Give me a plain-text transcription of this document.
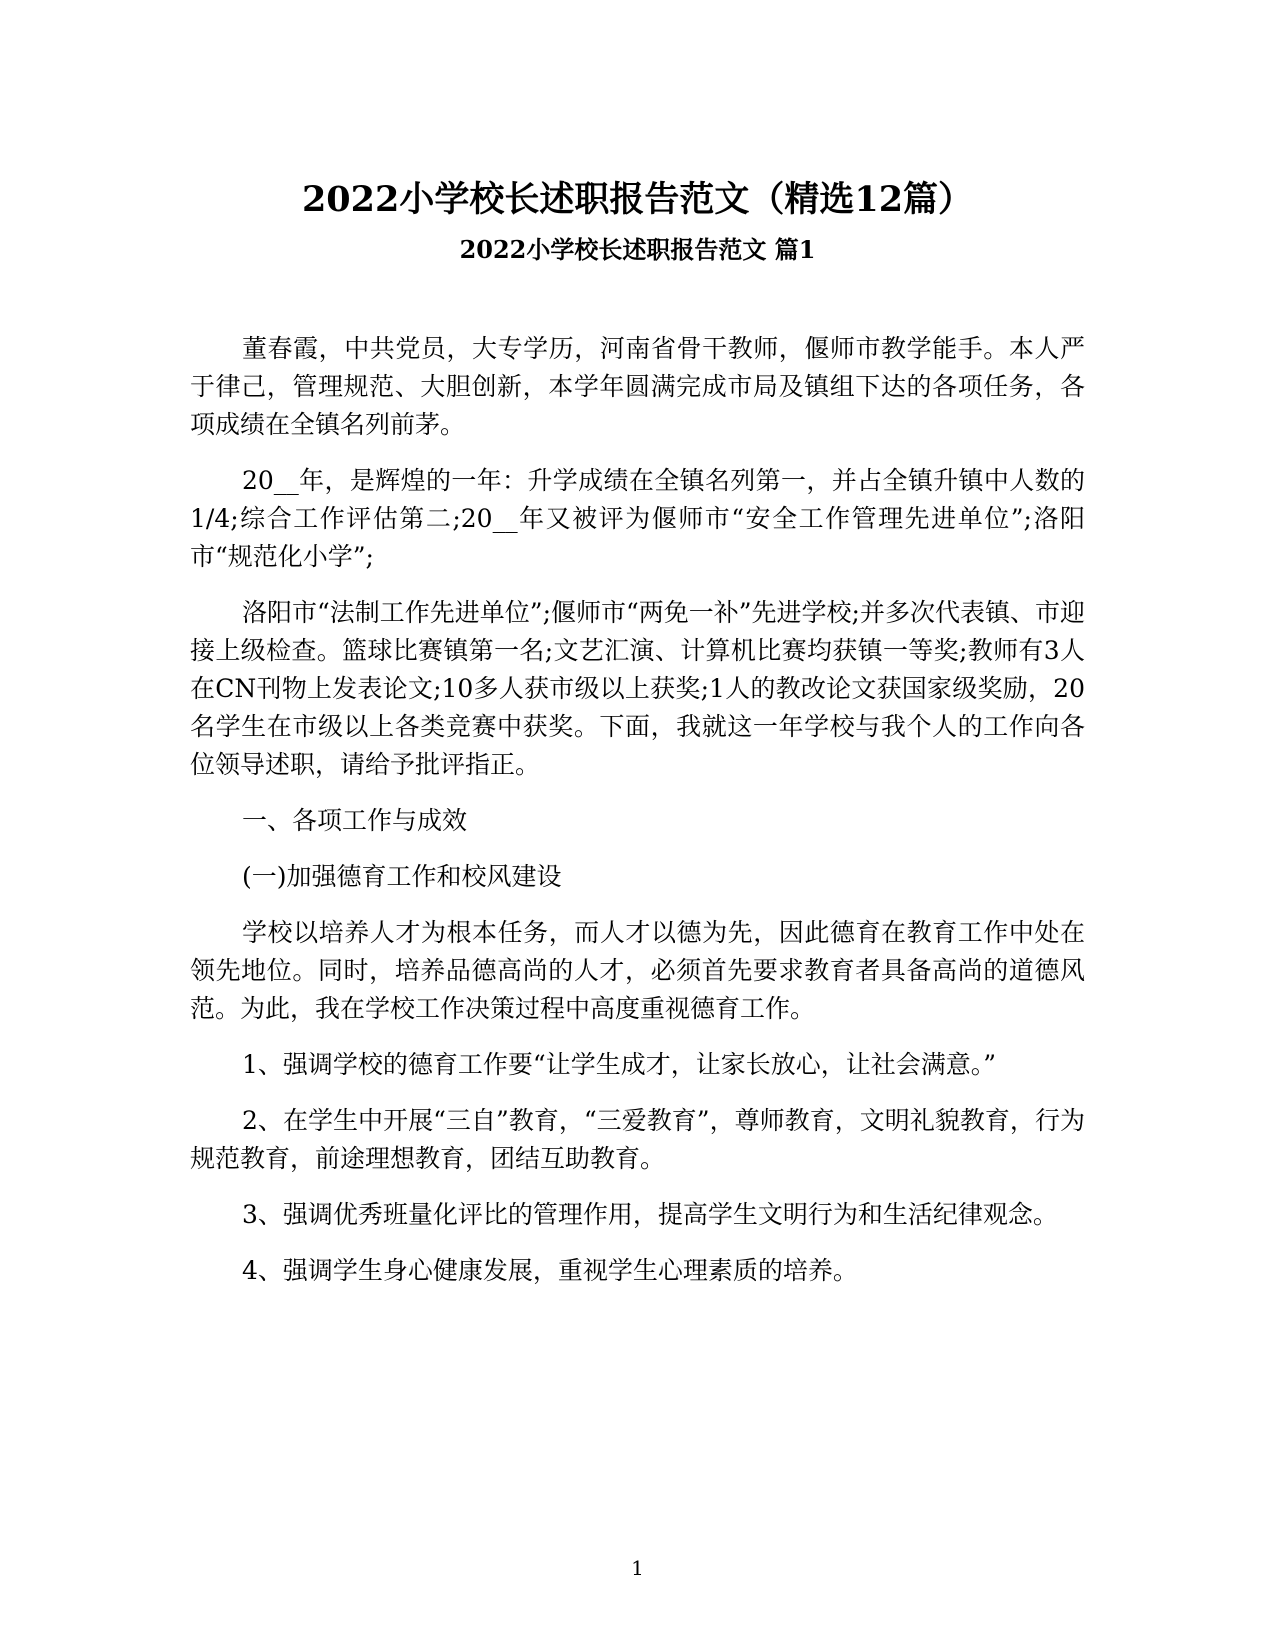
2022小学校长述职报告范文（精选12篇）
2022小学校长述职报告范文 篇1

董春霞，中共党员，大专学历，河南省骨干教师，偃师市教学能手。本人严于律己，管理规范、大胆创新，本学年圆满完成市局及镇组下达的各项任务，各项成绩在全镇名列前茅。

20__年，是辉煌的一年：升学成绩在全镇名列第一，并占全镇升镇中人数的1/4;综合工作评估第二;20__年又被评为偃师市“安全工作管理先进单位”;洛阳市“规范化小学”;

洛阳市“法制工作先进单位”;偃师市“两免一补”先进学校;并多次代表镇、市迎接上级检查。篮球比赛镇第一名;文艺汇演、计算机比赛均获镇一等奖;教师有3人在CN刊物上发表论文;10多人获市级以上获奖;1人的教改论文获国家级奖励，20名学生在市级以上各类竞赛中获奖。下面，我就这一年学校与我个人的工作向各位领导述职，请给予批评指正。

一、各项工作与成效

(一)加强德育工作和校风建设

学校以培养人才为根本任务，而人才以德为先，因此德育在教育工作中处在领先地位。同时，培养品德高尚的人才，必须首先要求教育者具备高尚的道德风范。为此，我在学校工作决策过程中高度重视德育工作。

1、强调学校的德育工作要“让学生成才，让家长放心，让社会满意。”

2、在学生中开展“三自”教育，“三爱教育”，尊师教育，文明礼貌教育，行为规范教育，前途理想教育，团结互助教育。

3、强调优秀班量化评比的管理作用，提高学生文明行为和生活纪律观念。

4、强调学生身心健康发展，重视学生心理素质的培养。

1
